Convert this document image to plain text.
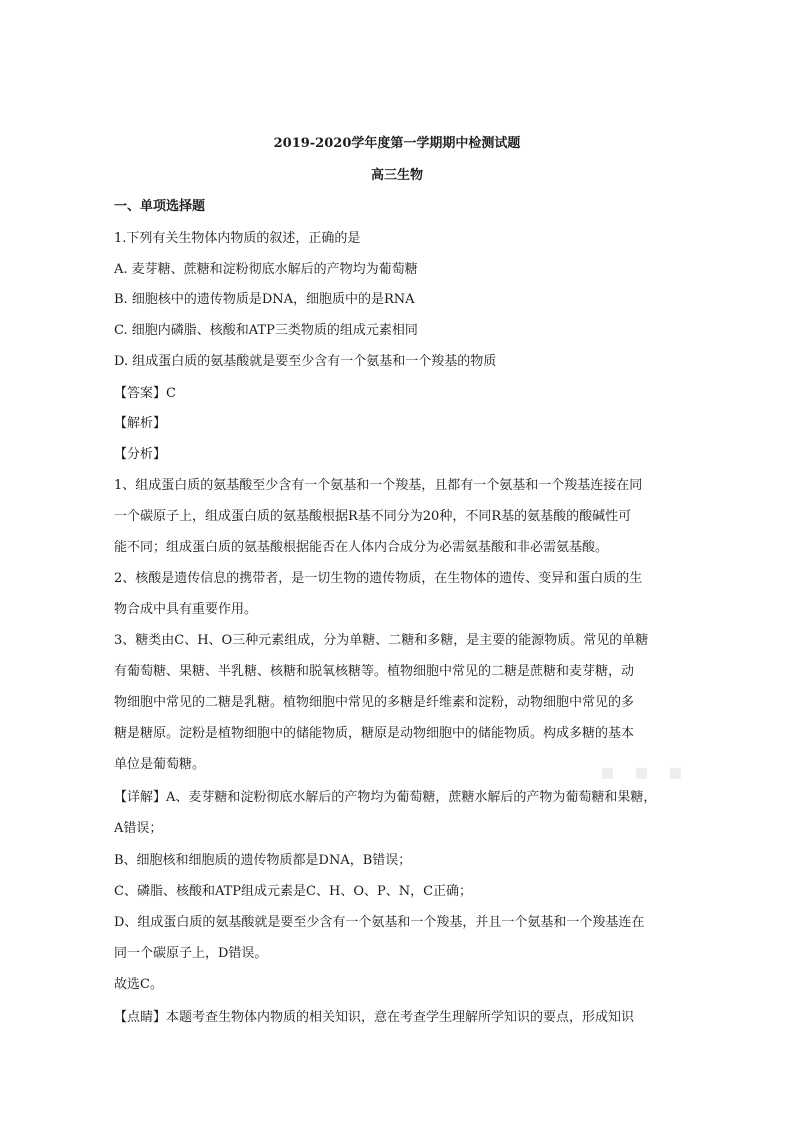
▪ ▪ ▪
2019-2020学年度第一学期期中检测试题
高三生物
一、单项选择题
1.下列有关生物体内物质的叙述，正确的是
A. 麦芽糖、蔗糖和淀粉彻底水解后的产物均为葡萄糖
B. 细胞核中的遗传物质是DNA，细胞质中的是RNA
C. 细胞内磷脂、核酸和ATP三类物质的组成元素相同
D. 组成蛋白质的氨基酸就是要至少含有一个氨基和一个羧基的物质
【答案】C
【解析】
【分析】
1、组成蛋白质的氨基酸至少含有一个氨基和一个羧基，且都有一个氨基和一个羧基连接在同
一个碳原子上，组成蛋白质的氨基酸根据R基不同分为20种，不同R基的氨基酸的酸碱性可
能不同；组成蛋白质的氨基酸根据能否在人体内合成分为必需氨基酸和非必需氨基酸。
2、核酸是遗传信息的携带者，是一切生物的遗传物质，在生物体的遗传、变异和蛋白质的生
物合成中具有重要作用。
3、糖类由C、H、O三种元素组成，分为单糖、二糖和多糖，是主要的能源物质。常见的单糖
有葡萄糖、果糖、半乳糖、核糖和脱氧核糖等。植物细胞中常见的二糖是蔗糖和麦芽糖，动
物细胞中常见的二糖是乳糖。植物细胞中常见的多糖是纤维素和淀粉，动物细胞中常见的多
糖是糖原。淀粉是植物细胞中的储能物质，糖原是动物细胞中的储能物质。构成多糖的基本
单位是葡萄糖。
【详解】A、麦芽糖和淀粉彻底水解后的产物均为葡萄糖，蔗糖水解后的产物为葡萄糖和果糖，
A错误；
B、细胞核和细胞质的遗传物质都是DNA，B错误；
C、磷脂、核酸和ATP组成元素是C、H、O、P、N，C正确；
D、组成蛋白质的氨基酸就是要至少含有一个氨基和一个羧基，并且一个氨基和一个羧基连在
同一个碳原子上，D错误。
故选C。
【点睛】本题考查生物体内物质的相关知识，意在考查学生理解所学知识的要点，形成知识
